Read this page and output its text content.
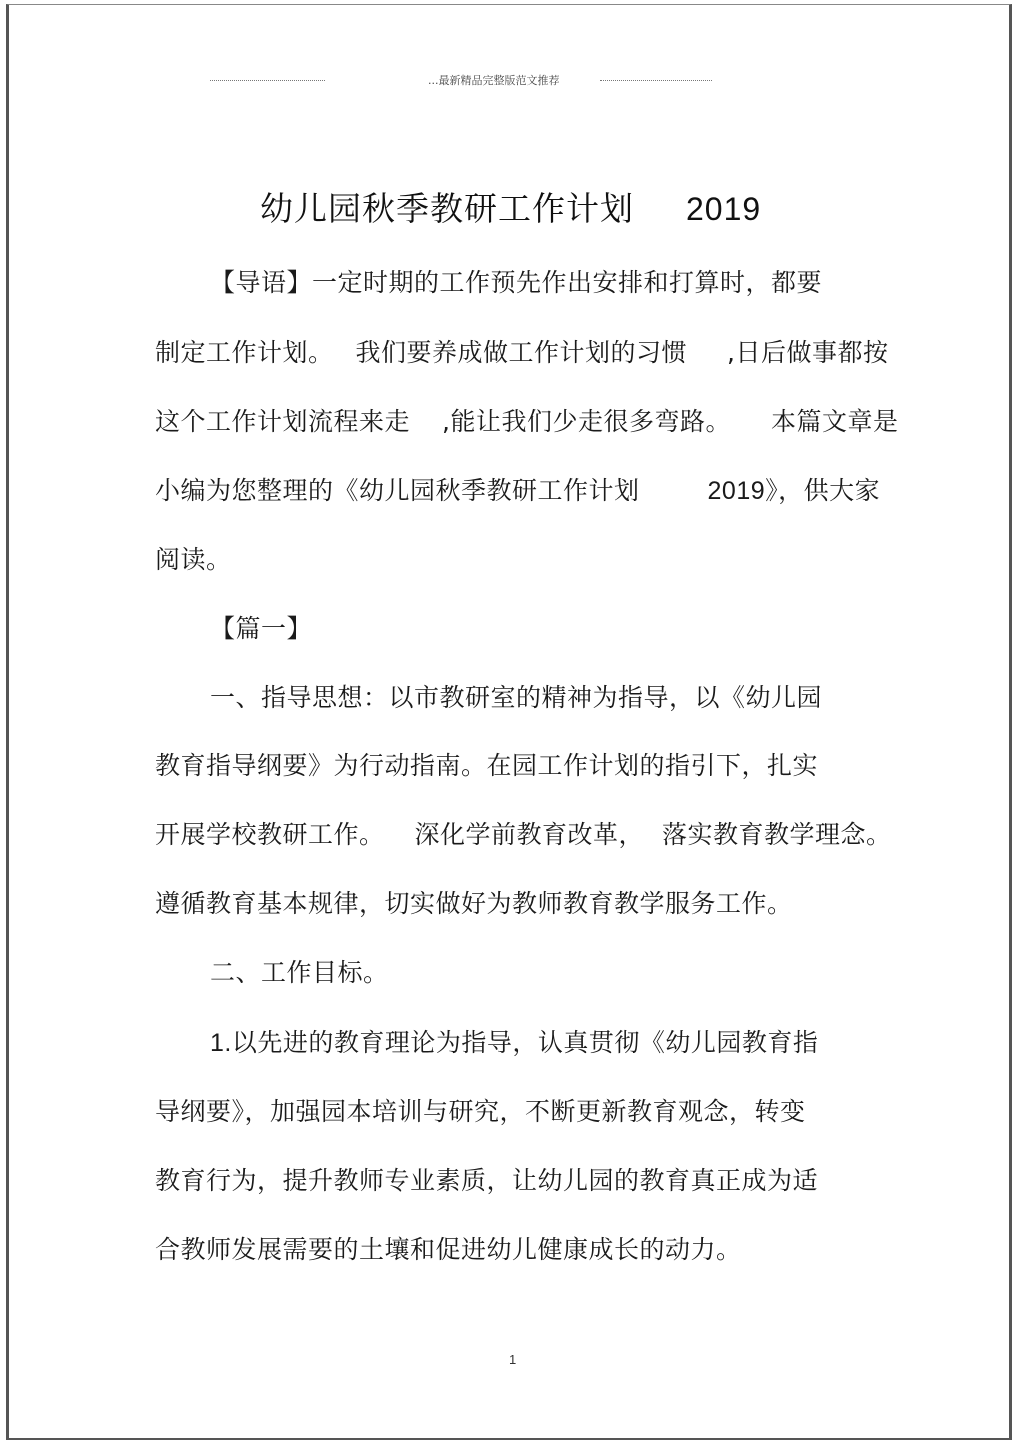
...最新精品完整版范文推荐
幼儿园秋季教研工作计划 2019
【导语】一定时期的工作预先作出安排和打算时，都要
制定工作计划。 我们要养成做工作计划的习惯 ,日后做事都按
这个工作计划流程来走 ,能让我们少走很多弯路。 本篇文章是
小编为您整理的《幼儿园秋季教研工作计划	2019》，供大家
阅读。
【篇一】
一、指导思想：以市教研室的精神为指导，以《幼儿园
教育指导纲要》为行动指南。在园工作计划的指引下，扎实
开展学校教研工作。 深化学前教育改革， 落实教育教学理念。
遵循教育基本规律，切实做好为教师教育教学服务工作。
二、工作目标。
1.以先进的教育理论为指导，认真贯彻《幼儿园教育指
导纲要》，加强园本培训与研究，不断更新教育观念，转变
教育行为，提升教师专业素质，让幼儿园的教育真正成为适
合教师发展需要的土壤和促进幼儿健康成长的动力。
1
